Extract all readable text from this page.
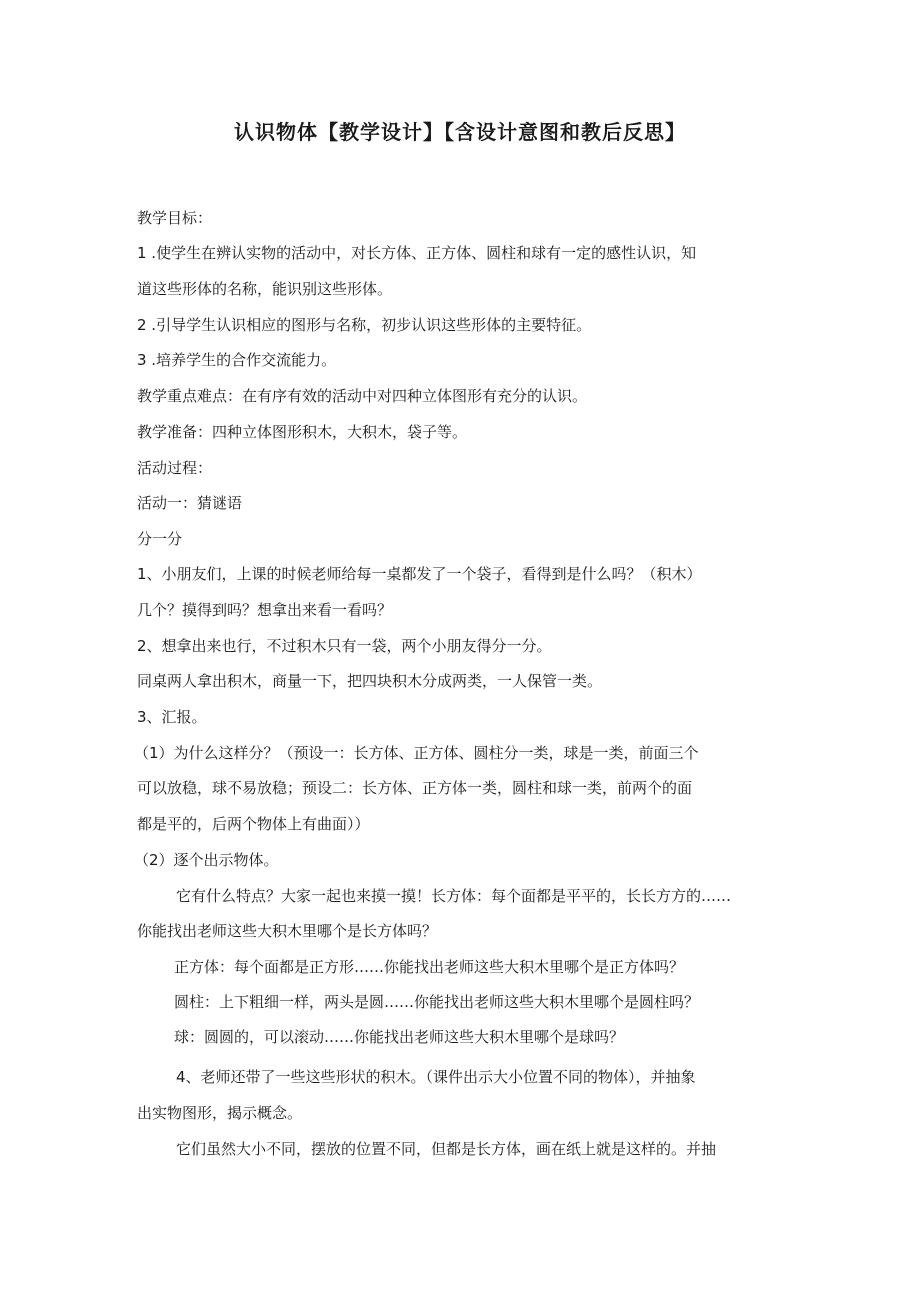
认识物体【教学设计】【含设计意图和教后反思】
教学目标：
1 .使学生在辨认实物的活动中，对长方体、正方体、圆柱和球有一定的感性认识，知
道这些形体的名称，能识别这些形体。
2 .引导学生认识相应的图形与名称，初步认识这些形体的主要特征。
3 .培养学生的合作交流能力。
教学重点难点：在有序有效的活动中对四种立体图形有充分的认识。
教学准备：四种立体图形积木，大积木，袋子等。
活动过程：
活动一：猜谜语
分一分
1、小朋友们，上课的时候老师给每一桌都发了一个袋子，看得到是什么吗？（积木）
几个？摸得到吗？想拿出来看一看吗？
2、想拿出来也行，不过积木只有一袋，两个小朋友得分一分。
同桌两人拿出积木，商量一下，把四块积木分成两类，一人保管一类。
3、汇报。
（1）为什么这样分？（预设一：长方体、正方体、圆柱分一类，球是一类，前面三个
可以放稳，球不易放稳；预设二：长方体、正方体一类，圆柱和球一类，前两个的面
都是平的，后两个物体上有曲面））
（2）逐个出示物体。
它有什么特点？大家一起也来摸一摸！长方体：每个面都是平平的，长长方方的……
你能找出老师这些大积木里哪个是长方体吗？
正方体：每个面都是正方形……你能找出老师这些大积木里哪个是正方体吗？
圆柱：上下粗细一样，两头是圆……你能找出老师这些大积木里哪个是圆柱吗？
球：圆圆的，可以滚动……你能找出老师这些大积木里哪个是球吗？
4、老师还带了一些这些形状的积木。（课件出示大小位置不同的物体），并抽象
出实物图形，揭示概念。
它们虽然大小不同，摆放的位置不同，但都是长方体，画在纸上就是这样的。并抽
